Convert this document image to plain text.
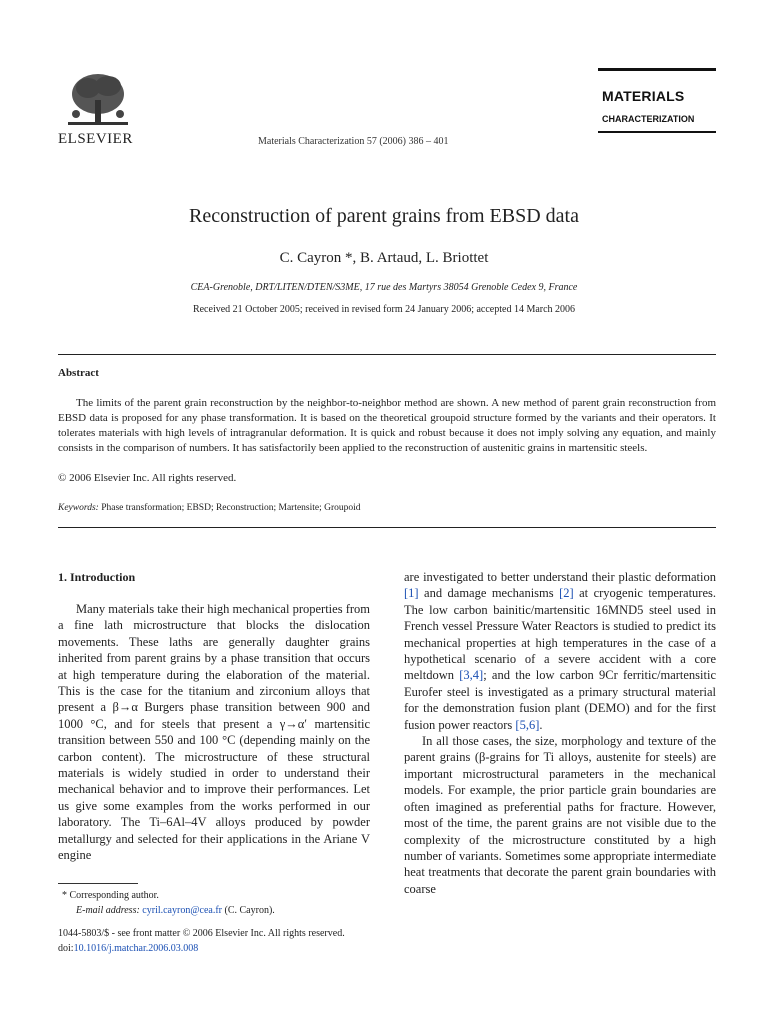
ELSEVIER	Materials Characterization 57 (2006) 386 – 401
MATERIALS
CHARACTERIZATION
Reconstruction of parent grains from EBSD data
C. Cayron *, B. Artaud, L. Briottet
CEA-Grenoble, DRT/LITEN/DTEN/S3ME, 17 rue des Martyrs 38054 Grenoble Cedex 9, France
Received 21 October 2005; received in revised form 24 January 2006; accepted 14 March 2006
Abstract
The limits of the parent grain reconstruction by the neighbor-to-neighbor method are shown. A new method of parent grain reconstruction from EBSD data is proposed for any phase transformation. It is based on the theoretical groupoid structure formed by the variants and their operators. It tolerates materials with high levels of intragranular deformation. It is quick and robust because it does not imply solving any equation, and mainly consists in the comparison of numbers. It has satisfactorily been applied to the reconstruction of austenitic grains in martensitic steels.
© 2006 Elsevier Inc. All rights reserved.
Keywords: Phase transformation; EBSD; Reconstruction; Martensite; Groupoid
1. Introduction

Many materials take their high mechanical properties from a fine lath microstructure that blocks the dislocation movements. These laths are generally daughter grains inherited from parent grains by a phase transition that occurs at high temperature during the elaboration of the material. This is the case for the titanium and zirconium alloys that present a β→α Burgers phase transition between 900 and 1000 °C, and for steels that present a γ→α′ martensitic transition between 550 and 100 °C (depending mainly on the carbon content). The microstructure of these structural materials is widely studied in order to understand their mechanical behavior and to improve their performances. Let us give some examples from the works performed in our laboratory. The Ti–6Al–4V alloys produced by powder metallurgy and selected for their applications in the Ariane V engine

are investigated to better understand their plastic deformation [1] and damage mechanisms [2] at cryogenic temperatures. The low carbon bainitic/martensitic 16MND5 steel used in French vessel Pressure Water Reactors is studied to predict its mechanical properties at high temperatures in the case of a hypothetical scenario of a severe accident with a core meltdown [3,4]; and the low carbon 9Cr ferritic/martensitic Eurofer steel is investigated as a primary structural material for the demonstration fusion plant (DEMO) and for the first fusion power reactors [5,6].

In all those cases, the size, morphology and texture of the parent grains (β-grains for Ti alloys, austenite for steels) are important microstructural parameters in the mechanical models. For example, the prior particle grain boundaries are often imagined as preferential paths for fracture. However, most of the time, the parent grains are not visible due to the complexity of the microstructure constituted by a high number of variants. Sometimes some appropriate intermediate heat treatments that decorate the parent grain boundaries with coarse

* Corresponding author.
E-mail address: cyril.cayron@cea.fr (C. Cayron).
1044-5803/$ - see front matter © 2006 Elsevier Inc. All rights reserved.
doi:10.1016/j.matchar.2006.03.008
